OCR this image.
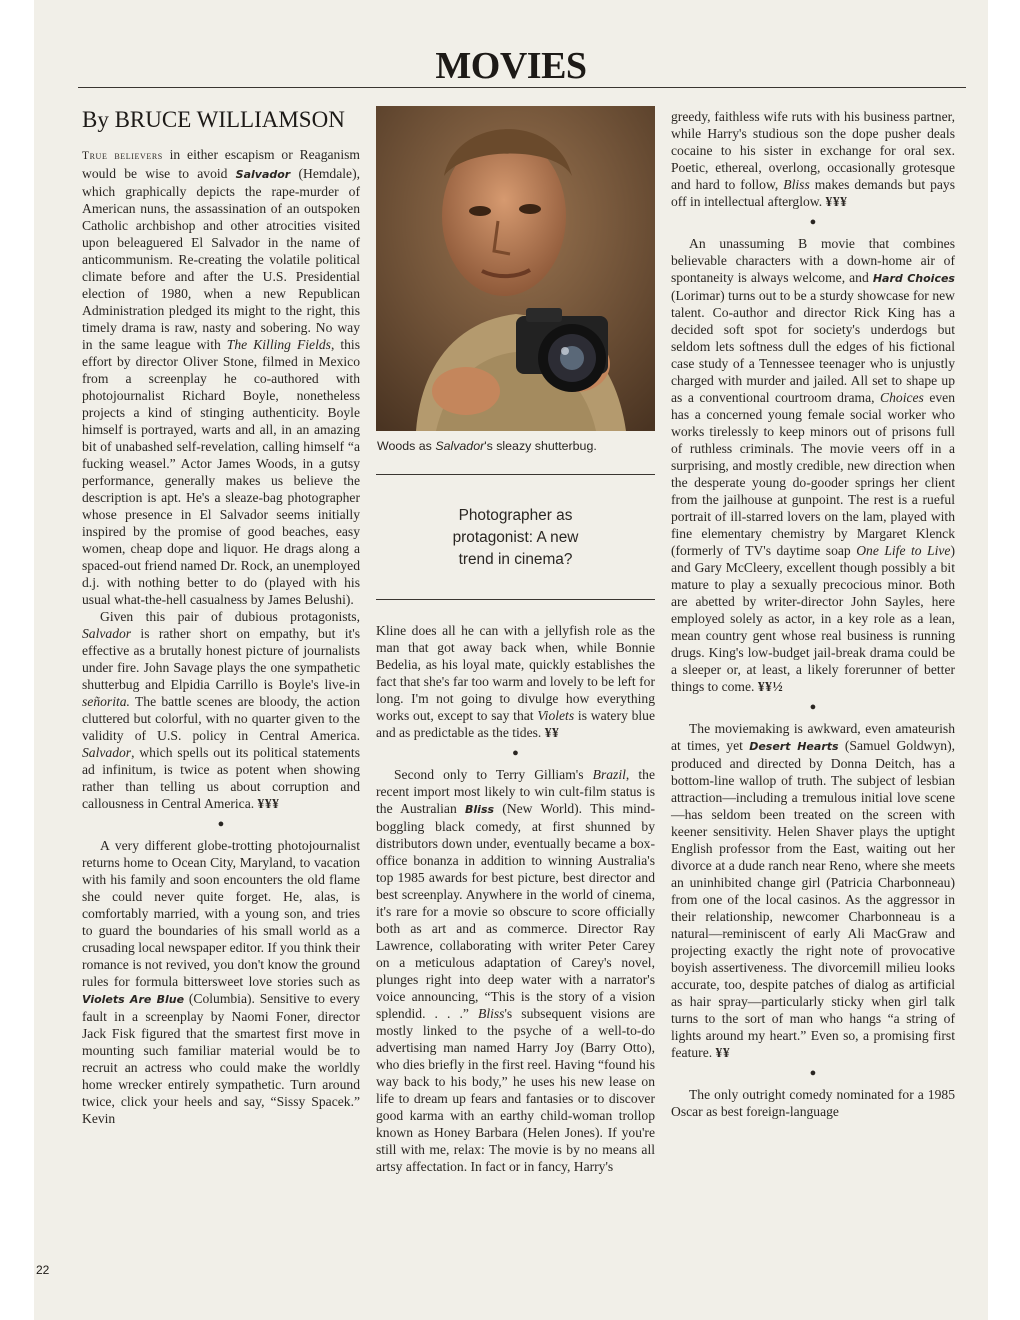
MOVIES
By BRUCE WILLIAMSON

True believers in either escapism or Reaganism would be wise to avoid Salvador (Hemdale), which graphically depicts the rape-murder of American nuns, the assassination of an outspoken Catholic archbishop and other atrocities visited upon beleaguered El Salvador in the name of anticommunism. Re-creating the volatile political climate before and after the U.S. Presidential election of 1980, when a new Republican Administration pledged its might to the right, this timely drama is raw, nasty and sobering. No way in the same league with The Killing Fields, this effort by director Oliver Stone, filmed in Mexico from a screenplay he co-authored with photojournalist Richard Boyle, nonetheless projects a kind of stinging authenticity. Boyle himself is portrayed, warts and all, in an amazing bit of unabashed self-revelation, calling himself “a fucking weasel.” Actor James Woods, in a gutsy performance, generally makes us believe the description is apt. He's a sleaze-bag photographer whose presence in El Salvador seems initially inspired by the promise of good beaches, easy women, cheap dope and liquor. He drags along a spaced-out friend named Dr. Rock, an unemployed d.j. with nothing better to do (played with his usual what-the-hell casualness by James Belushi).

Given this pair of dubious protagonists, Salvador is rather short on empathy, but it's effective as a brutally honest picture of journalists under fire. John Savage plays the one sympathetic shutterbug and Elpidia Carrillo is Boyle's live-in señorita. The battle scenes are bloody, the action cluttered but colorful, with no quarter given to the validity of U.S. policy in Central America. Salvador, which spells out its political statements ad infinitum, is twice as potent when showing rather than telling us about corruption and callousness in Central America. ¥¥¥

●

A very different globe-trotting photojournalist returns home to Ocean City, Maryland, to vacation with his family and soon encounters the old flame she could never quite forget. He, alas, is comfortably married, with a young son, and tries to guard the boundaries of his small world as a crusading local newspaper editor. If you think their romance is not revived, you don't know the ground rules for formula bittersweet love stories such as Violets Are Blue (Columbia). Sensitive to every fault in a screenplay by Naomi Foner, director Jack Fisk figured that the smartest first move in mounting such familiar material would be to recruit an actress who could make the worldly home wrecker entirely sympathetic. Turn around twice, click your heels and say, “Sissy Spacek.” Kevin

Woods as Salvador's sleazy shutterbug.
Photographer as protagonist: A new trend in cinema?

Kline does all he can with a jellyfish role as the man that got away back when, while Bonnie Bedelia, as his loyal mate, quickly establishes the fact that she's far too warm and lovely to be left for long. I'm not going to divulge how everything works out, except to say that Violets is watery blue and as predictable as the tides. ¥¥

●

Second only to Terry Gilliam's Brazil, the recent import most likely to win cult-film status is the Australian Bliss (New World). This mind-boggling black comedy, at first shunned by distributors down under, eventually became a box-office bonanza in addition to winning Australia's top 1985 awards for best picture, best director and best screenplay. Anywhere in the world of cinema, it's rare for a movie so obscure to score officially both as art and as commerce. Director Ray Lawrence, collaborating with writer Peter Carey on a meticulous adaptation of Carey's novel, plunges right into deep water with a narrator's voice announcing, “This is the story of a vision splendid. . . .” Bliss's subsequent visions are mostly linked to the psyche of a well-to-do advertising man named Harry Joy (Barry Otto), who dies briefly in the first reel. Having “found his way back to his body,” he uses his new lease on life to dream up fears and fantasies or to discover good karma with an earthy child-woman trollop known as Honey Barbara (Helen Jones). If you're still with me, relax: The movie is by no means all artsy affectation. In fact or in fancy, Harry's

greedy, faithless wife ruts with his business partner, while Harry's studious son the dope pusher deals cocaine to his sister in exchange for oral sex. Poetic, ethereal, overlong, occasionally grotesque and hard to follow, Bliss makes demands but pays off in intellectual afterglow. ¥¥¥

●

An unassuming B movie that combines believable characters with a down-home air of spontaneity is always welcome, and Hard Choices (Lorimar) turns out to be a sturdy showcase for new talent. Co-author and director Rick King has a decided soft spot for society's underdogs but seldom lets softness dull the edges of his fictional case study of a Tennessee teenager who is unjustly charged with murder and jailed. All set to shape up as a conventional courtroom drama, Choices even has a concerned young female social worker who works tirelessly to keep minors out of prisons full of ruthless criminals. The movie veers off in a surprising, and mostly credible, new direction when the desperate young do-gooder springs her client from the jailhouse at gunpoint. The rest is a rueful portrait of ill-starred lovers on the lam, played with fine elementary chemistry by Margaret Klenck (formerly of TV's daytime soap One Life to Live) and Gary McCleery, excellent though possibly a bit mature to play a sexually precocious minor. Both are abetted by writer-director John Sayles, here employed solely as actor, in a key role as a lean, mean country gent whose real business is running drugs. King's low-budget jail-break drama could be a sleeper or, at least, a likely forerunner of better things to come. ¥¥½

●

The moviemaking is awkward, even amateurish at times, yet Desert Hearts (Samuel Goldwyn), produced and directed by Donna Deitch, has a bottom-line wallop of truth. The subject of lesbian attraction—including a tremulous initial love scene—has seldom been treated on the screen with keener sensitivity. Helen Shaver plays the uptight English professor from the East, waiting out her divorce at a dude ranch near Reno, where she meets an uninhibited change girl (Patricia Charbonneau) from one of the local casinos. As the aggressor in their relationship, newcomer Charbonneau is a natural—reminiscent of early Ali MacGraw and projecting exactly the right note of provocative boyish assertiveness. The divorcemill milieu looks accurate, too, despite patches of dialog as artificial as hair spray—particularly sticky when girl talk turns to the sort of man who hangs “a string of lights around my heart.” Even so, a promising first feature. ¥¥

●

The only outright comedy nominated for a 1985 Oscar as best foreign-language

22
